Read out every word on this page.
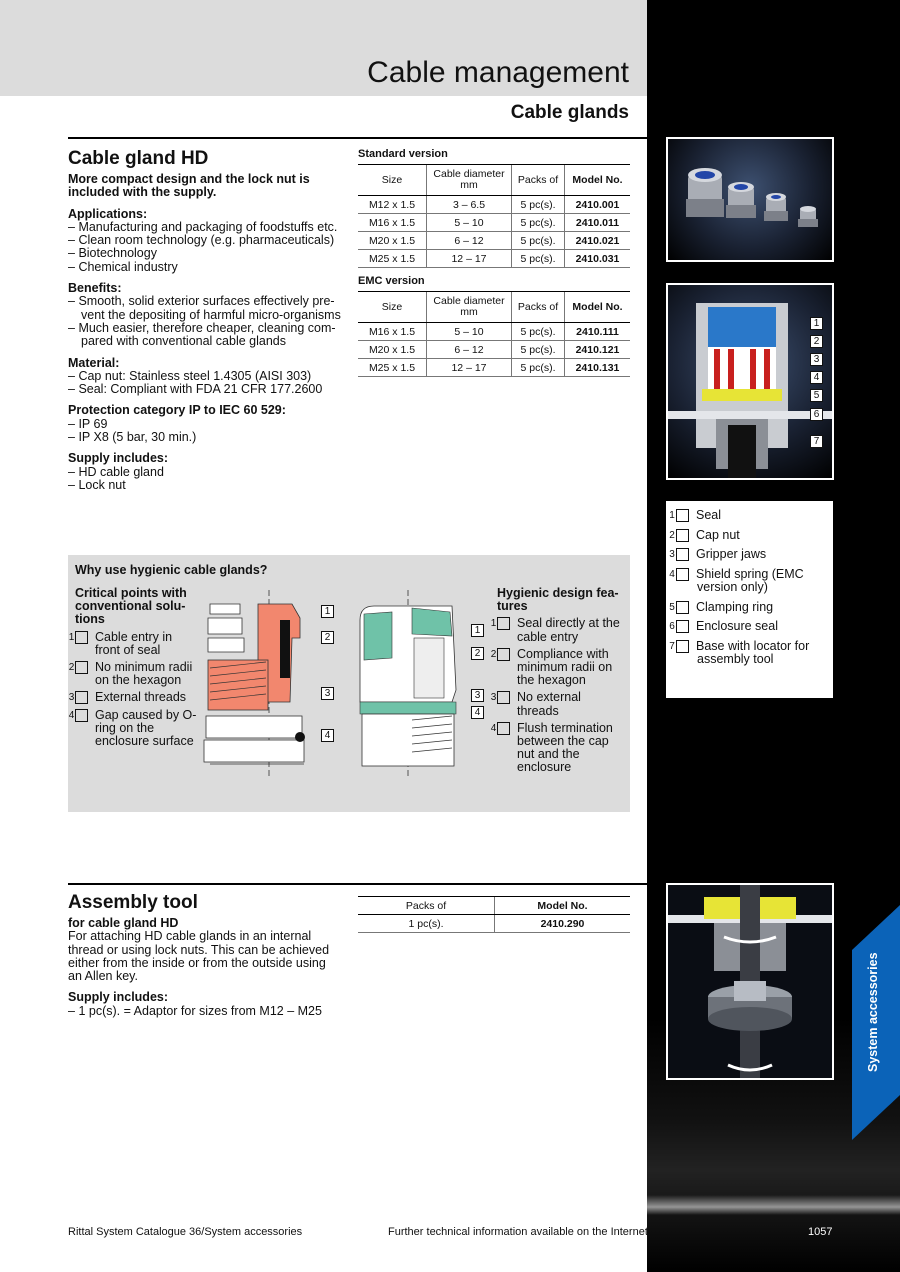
Cable management
Cable glands
Cable gland HD
More compact design and the lock nut is included with the supply.
Applications:
– Manufacturing and packaging of foodstuffs etc.
– Clean room technology (e.g. pharmaceuticals)
– Biotechnology
– Chemical industry
Benefits:
– Smooth, solid exterior surfaces effectively pre-vent the depositing of harmful micro-organisms
– Much easier, therefore cheaper, cleaning com-pared with conventional cable glands
Material:
– Cap nut: Stainless steel 1.4305 (AISI 303)
– Seal: Compliant with FDA 21 CFR 177.2600
Protection category IP to IEC 60 529:
– IP 69
– IP X8 (5 bar, 30 min.)
Supply includes:
– HD cable gland
– Lock nut
Standard version
Size	Cable diameter mm	Packs of	Model No.
M12 x 1.5	3 – 6.5	5 pc(s).	2410.001
M16 x 1.5	5 – 10	5 pc(s).	2410.011
M20 x 1.5	6 – 12	5 pc(s).	2410.021
M25 x 1.5	12 – 17	5 pc(s).	2410.031
EMC version
Size	Cable diameter mm	Packs of	Model No.
M16 x 1.5	5 – 10	5 pc(s).	2410.111
M20 x 1.5	6 – 12	5 pc(s).	2410.121
M25 x 1.5	12 – 17	5 pc(s).	2410.131
1
2
3
4
5
6
7
1 Seal
2 Cap nut
3 Gripper jaws
4 Shield spring (EMC version only)
5 Clamping ring
6 Enclosure seal
7 Base with locator for assembly tool
Why use hygienic cable glands?
Critical points with conventional solu-tions
1 Cable entry in front of seal
2 No minimum radii on the hexagon
3 External threads
4 Gap caused by O-ring on the enclosure surface
Hygienic design fea-tures
1 Seal directly at the cable entry
2 Compliance with minimum radii on the hexagon
3 No external threads
4 Flush termination between the cap nut and the enclosure
1
2
3
4
1
2
3
4
Assembly tool
for cable gland HD
For attaching HD cable glands in an internal thread or using lock nuts. This can be achieved either from the inside or from the outside using an Allen key.
Supply includes:
– 1 pc(s). = Adaptor for sizes from M12 – M25
Packs of	Model No.
1 pc(s).	2410.290
System accessories
Rittal System Catalogue 36/System accessories	Further technical information available on the Internet.	1057
